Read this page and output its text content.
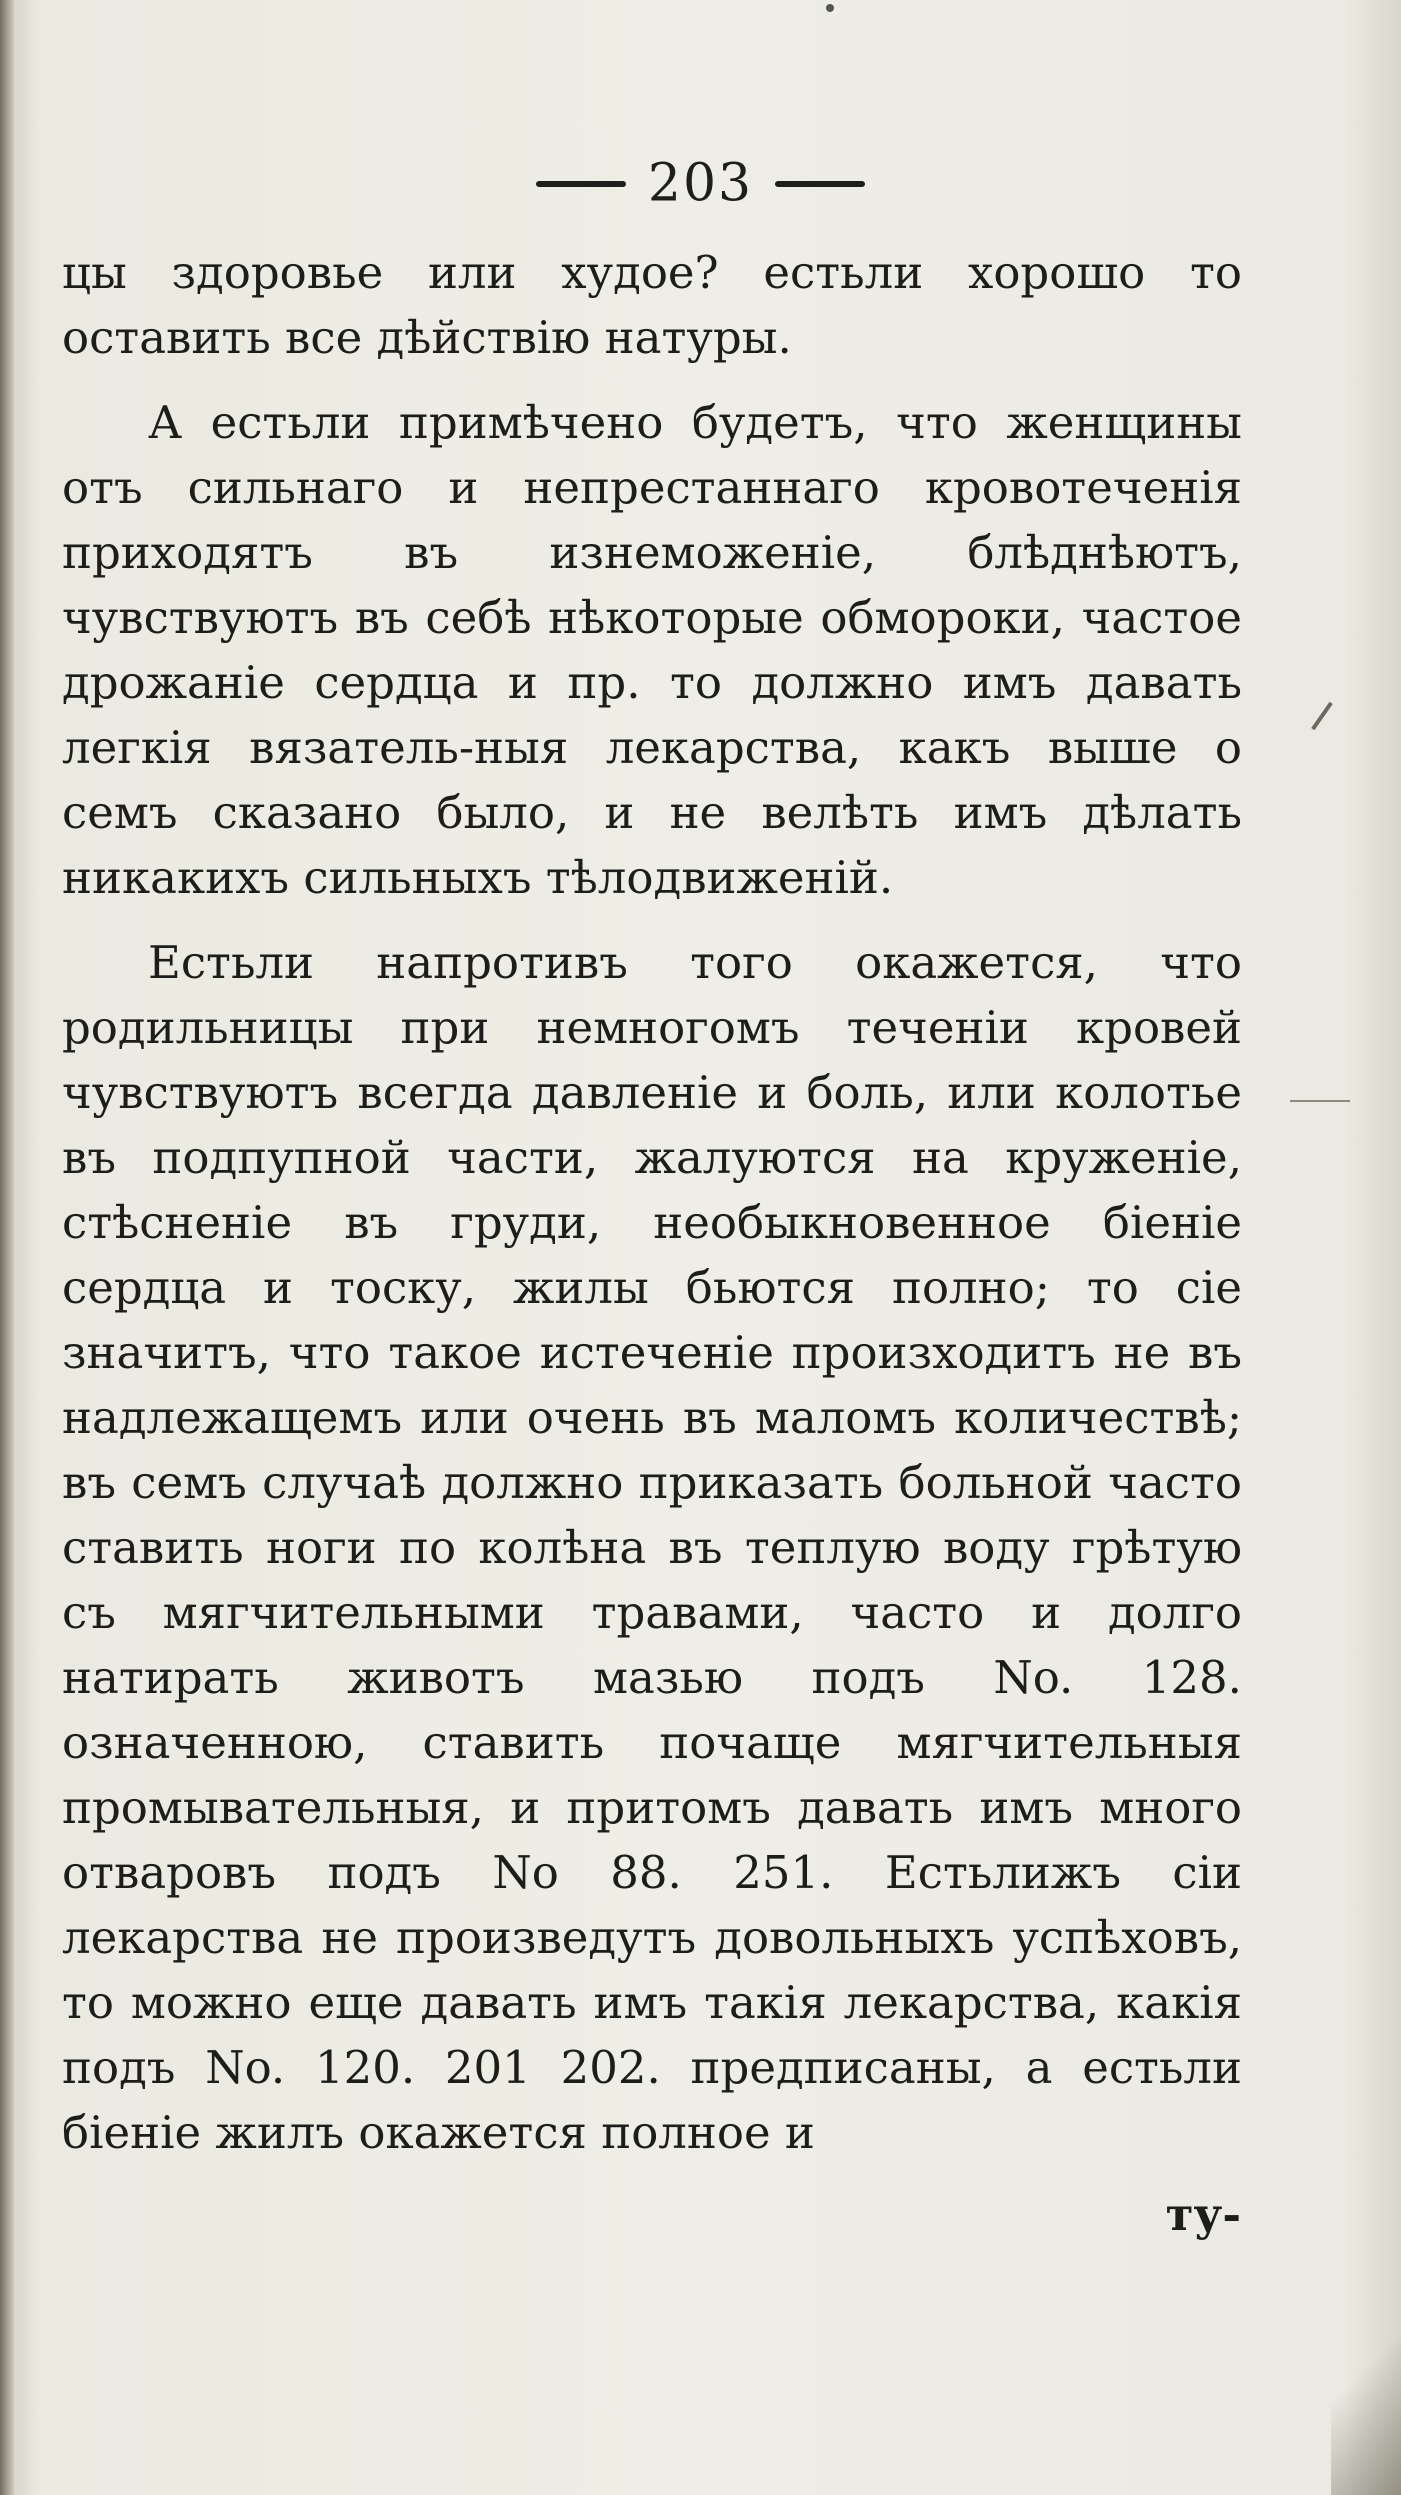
203

цы здоровье или худое? естьли хорошо то оставить все дѣйствію натуры.

А естьли примѣчено будетъ, что женщины отъ сильнаго и непрестаннаго кровотеченія приходятъ въ изнеможеніе, блѣднѣютъ, чувствуютъ въ себѣ нѣкоторые обмороки, частое дрожаніе сердца и пр. то должно имъ давать легкія вязатель-ныя лекарства, какъ выше о семъ сказано было, и не велѣть имъ дѣлать никакихъ сильныхъ тѣлодвиженій.

Естьли напротивъ того окажется, что родильницы при немногомъ теченіи кровей чувствуютъ всегда давленіе и боль, или колотье въ подпупной части, жалуются на круженіе, стѣсненіе въ груди, необыкновенное біеніе сердца и тоску, жилы бьются полно; то сіе значитъ, что такое истеченіе произходитъ не въ надлежащемъ или очень въ маломъ количествѣ; въ семъ случаѣ должно приказать больной часто ставить ноги по колѣна въ теплую воду грѣтую съ мягчительными травами, часто и долго натирать животъ мазью подъ No. 128. означенною, ставить почаще мягчительныя промывательныя, и притомъ давать имъ много отваровъ подъ No 88. 251. Естьлижъ сіи лекарства не произведутъ довольныхъ успѣховъ, то можно еще давать имъ такія лекарства, какія подъ No. 120. 201 202. предписаны, а естьли біеніе жилъ окажется полное и

ту-
